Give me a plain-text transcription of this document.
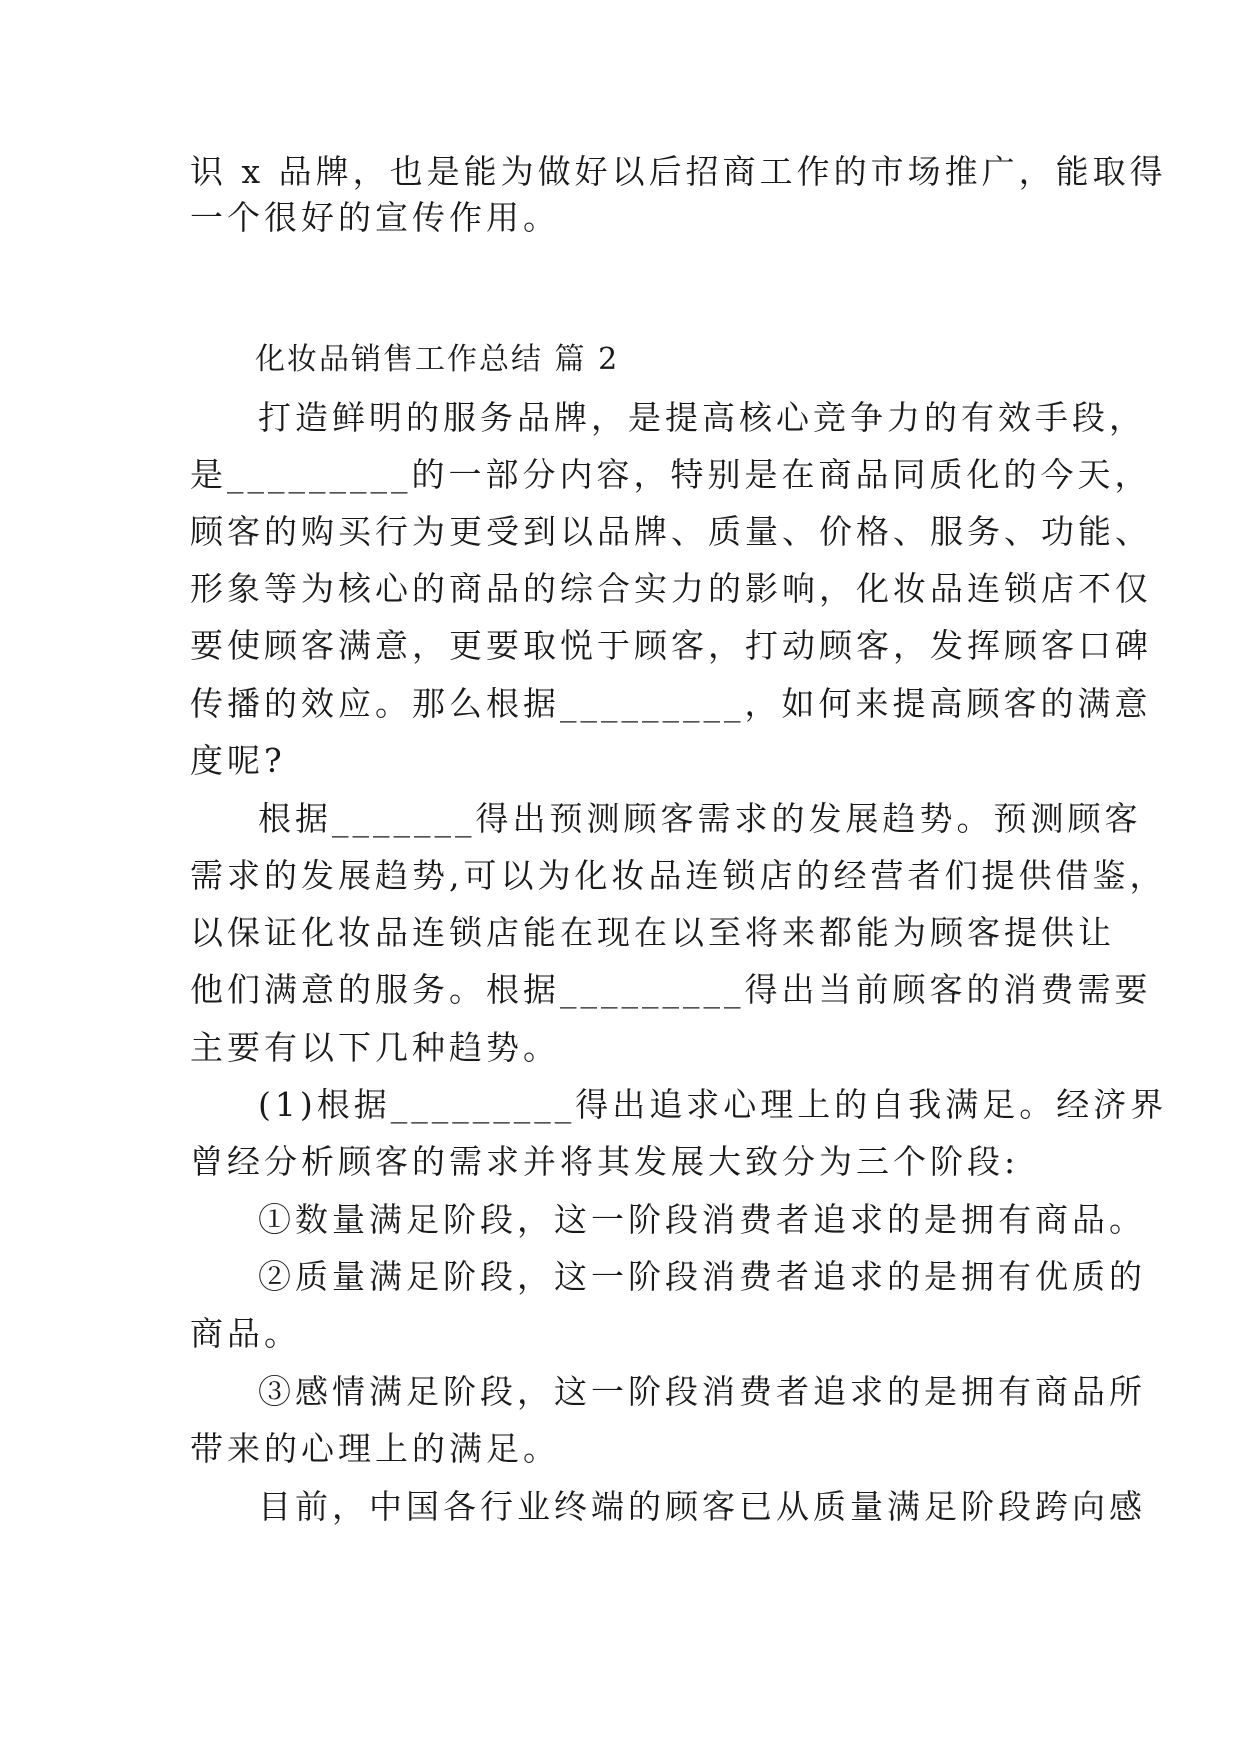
识 x 品牌，也是能为做好以后招商工作的市场推广，能取得
一个很好的宣传作用。
化妆品销售工作总结 篇 2
打造鲜明的服务品牌，是提高核心竞争力的有效手段，
是_________的一部分内容，特别是在商品同质化的今天，
顾客的购买行为更受到以品牌、质量、价格、服务、功能、
形象等为核心的商品的综合实力的影响，化妆品连锁店不仅
要使顾客满意，更要取悦于顾客，打动顾客，发挥顾客口碑
传播的效应。那么根据_________，如何来提高顾客的满意
度呢?
根据_______得出预测顾客需求的发展趋势。预测顾客
需求的发展趋势,可以为化妆品连锁店的经营者们提供借鉴，
以保证化妆品连锁店能在现在以至将来都能为顾客提供让
他们满意的服务。根据_________得出当前顾客的消费需要
主要有以下几种趋势。
(1)根据_________得出追求心理上的自我满足。经济界
曾经分析顾客的需求并将其发展大致分为三个阶段:
①数量满足阶段，这一阶段消费者追求的是拥有商品。
②质量满足阶段，这一阶段消费者追求的是拥有优质的
商品。
③感情满足阶段，这一阶段消费者追求的是拥有商品所
带来的心理上的满足。
目前，中国各行业终端的顾客已从质量满足阶段跨向感
